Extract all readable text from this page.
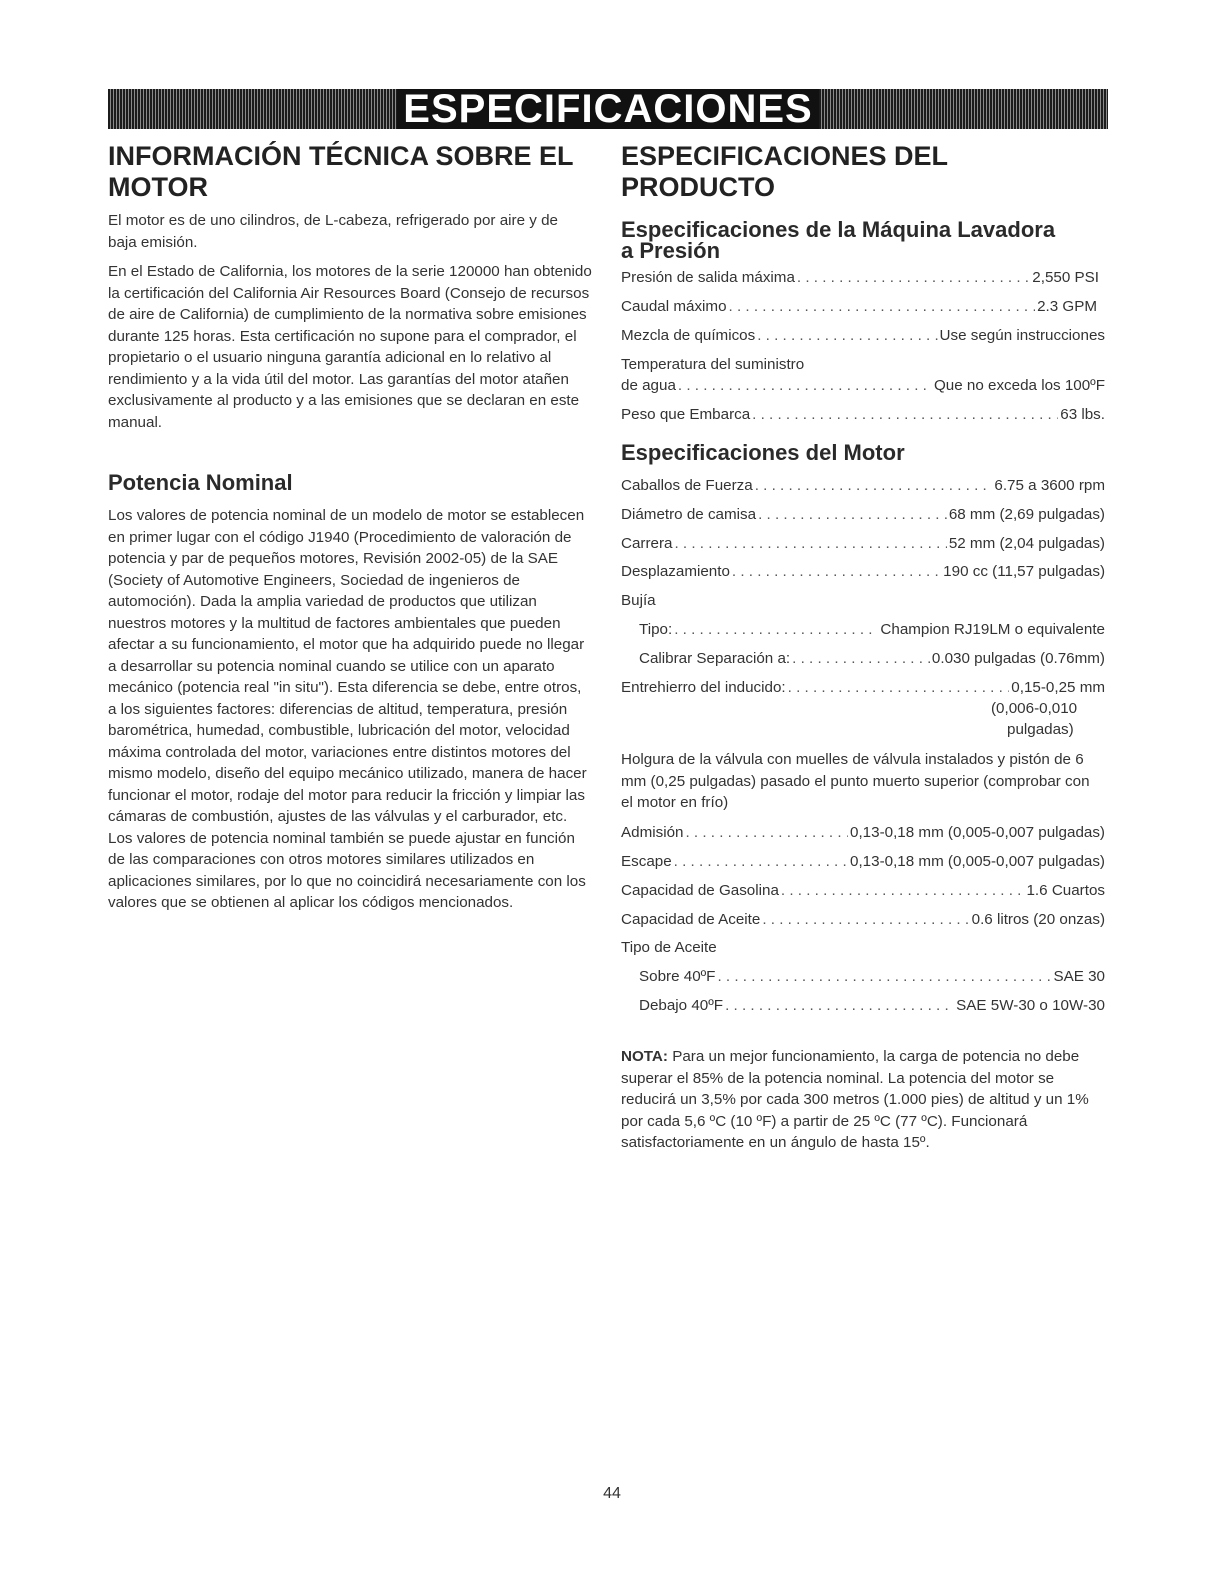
ESPECIFICACIONES
INFORMACIÓN TÉCNICA SOBRE EL
MOTOR

El motor es de uno cilindros, de L-cabeza, refrigerado por aire y de baja emisión.

En el Estado de California, los motores de la serie 120000 han obtenido la certificación del California Air Resources Board (Consejo de recursos de aire de California) de cumplimiento de la normativa sobre emisiones durante 125 horas. Esta certificación no supone para el comprador, el propietario o el usuario ninguna garantía adicional en lo relativo al rendimiento y a la vida útil del motor. Las garantías del motor atañen exclusivamente al producto y a las emisiones que se declaran en este manual.

Potencia Nominal

Los valores de potencia nominal de un modelo de motor se establecen en primer lugar con el código J1940 (Procedimiento de valoración de potencia y par de pequeños motores, Revisión 2002-05) de la SAE (Society of Automotive Engineers, Sociedad de ingenieros de automoción). Dada la amplia variedad de productos que utilizan nuestros motores y la multitud de factores ambientales que pueden afectar a su funcionamiento, el motor que ha adquirido puede no llegar a desarrollar su potencia nominal cuando se utilice con un aparato mecánico (potencia real "in situ"). Esta diferencia se debe, entre otros, a los siguientes factores: diferencias de altitud, temperatura, presión barométrica, humedad, combustible, lubricación del motor, velocidad máxima controlada del motor, variaciones entre distintos motores del mismo modelo, diseño del equipo mecánico utilizado, manera de hacer funcionar el motor, rodaje del motor para reducir la fricción y limpiar las cámaras de combustión, ajustes de las válvulas y el carburador, etc. Los valores de potencia nominal también se puede ajustar en función de las comparaciones con otros motores similares utilizados en aplicaciones similares, por lo que no coincidirá necesariamente con los valores que se obtienen al aplicar los códigos mencionados.

ESPECIFICACIONES DEL
PRODUCTO
Especificaciones de la Máquina Lavadora
a Presión
Presión de salida máxima . . .	2,550 PSI
Caudal máximo . . .	2.3 GPM
Mezcla de químicos . . .	Use según instrucciones
Temperatura del suministro
de agua . . .	Que no exceda los 100ºF
Peso que Embarca . . .	63 lbs.
Especificaciones del Motor
Caballos de Fuerza . . .	6.75 a 3600 rpm
Diámetro de camisa . . .	68 mm (2,69 pulgadas)
Carrera . . .	52 mm (2,04 pulgadas)
Desplazamiento . . .	190 cc (11,57 pulgadas)
Bujía
Tipo: . . .	Champion RJ19LM o equivalente
Calibrar Separación a: . . .	0.030 pulgadas (0.76mm)
Entrehierro del inducido: . . .	0,15-0,25 mm
(0,006-0,010
pulgadas)

Holgura de la válvula con muelles de válvula instalados y pistón de 6 mm (0,25 pulgadas) pasado el punto muerto superior (comprobar con el motor en frío)

Admisión . . .	0,13-0,18 mm (0,005-0,007 pulgadas)
Escape . . .	0,13-0,18 mm (0,005-0,007 pulgadas)
Capacidad de Gasolina . . .	1.6 Cuartos
Capacidad de Aceite . . .	0.6 litros (20 onzas)
Tipo de Aceite
Sobre 40ºF . . .	SAE 30
Debajo 40ºF . . .	SAE 5W-30 o 10W-30

NOTA: Para un mejor funcionamiento, la carga de potencia no debe superar el 85% de la potencia nominal. La potencia del motor se reducirá un 3,5% por cada 300 metros (1.000 pies) de altitud y un 1% por cada 5,6 ºC (10 ºF) a partir de 25 ºC (77 ºC). Funcionará satisfactoriamente en un ángulo de hasta 15º.

44
